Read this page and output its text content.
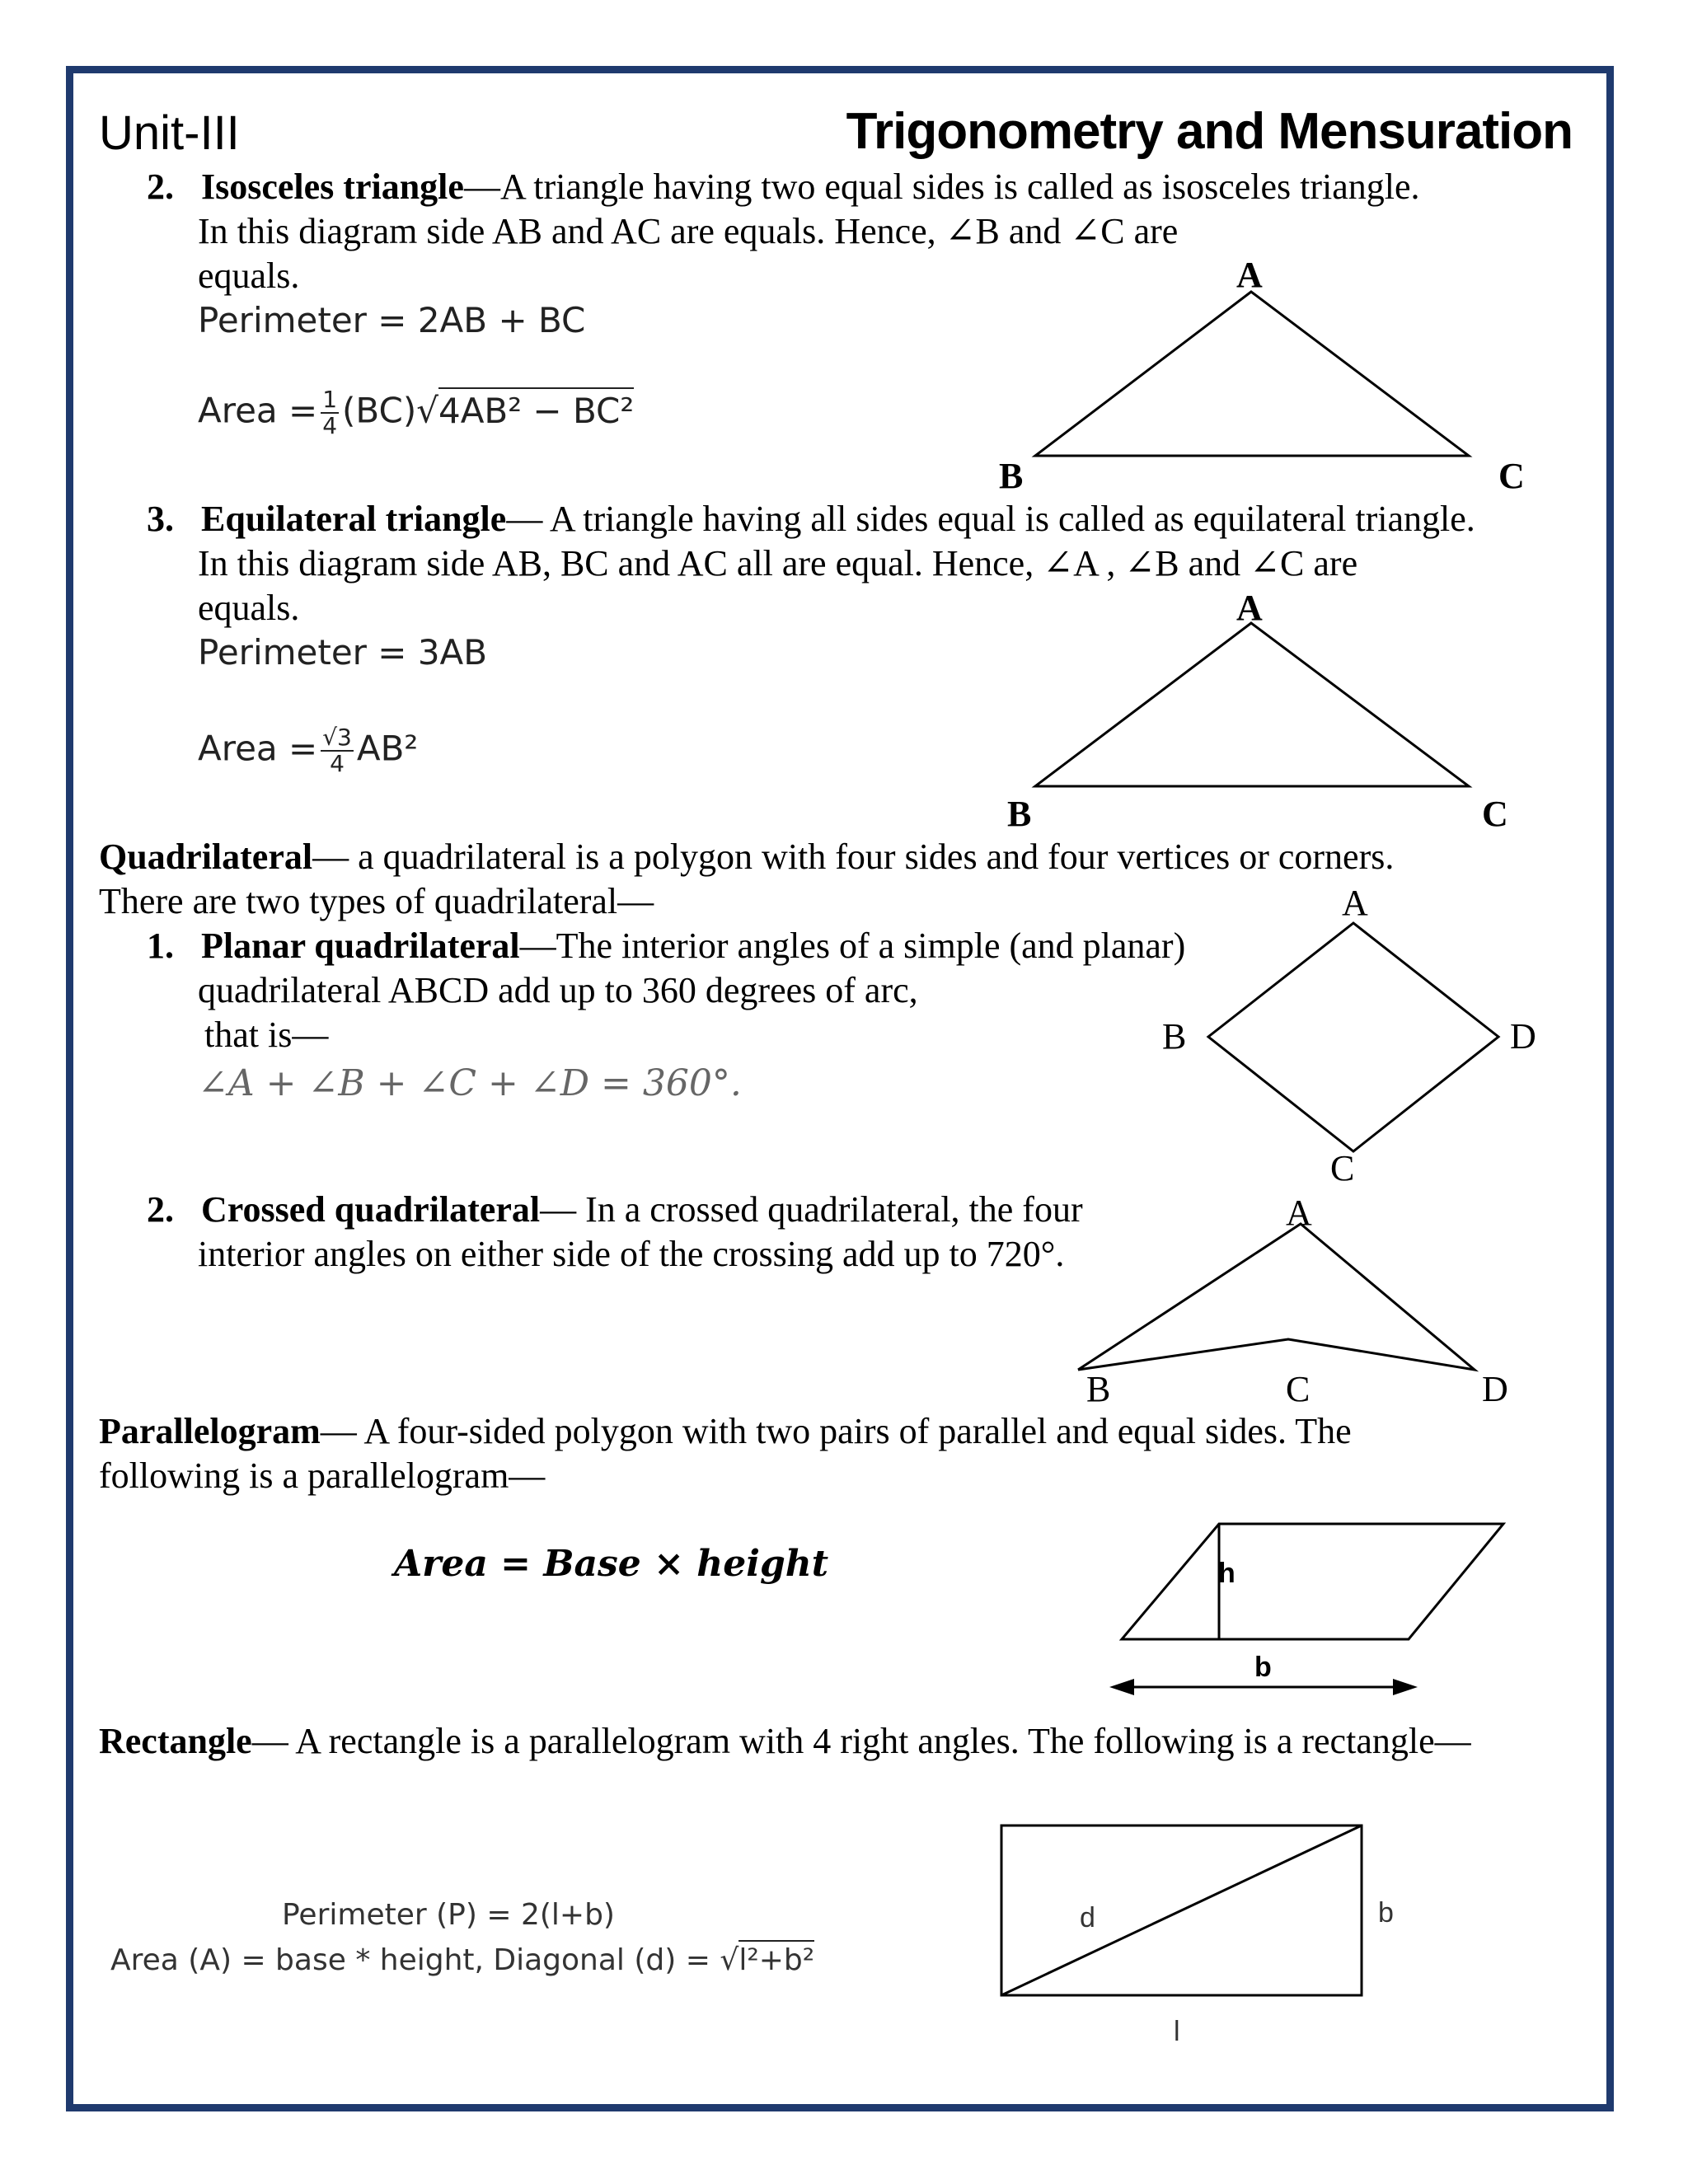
Unit-III	Trigonometry and Mensuration
2. Isosceles triangle—A triangle having two equal sides is called as isosceles triangle.
In this diagram side AB and AC are equals. Hence, ∠B and ∠C are
equals.
Perimeter = 2AB + BC
Area = $\frac{1}{4} (BC)√4AB^2 - BC^2$
A
B	C
3. Equilateral triangle— A triangle having all sides equal is called as equilateral triangle.
In this diagram side AB, BC and AC all are equal. Hence, ∠A , ∠B and ∠C are
equals.
Perimeter = 3AB
Area = $\frac{√3}{4} AB^2$
A
B	C
Quadrilateral— a quadrilateral is a polygon with four sides and four vertices or corners.
There are two types of quadrilateral—
1. Planar quadrilateral—The interior angles of a simple (and planar)
quadrilateral ABCD add up to 360 degrees of arc,
that is—
∠A + ∠B + ∠C + ∠D = 360°.
A
B
C
D
2. Crossed quadrilateral— In a crossed quadrilateral, the four
interior angles on either side of the crossing add up to 720°.
A
B	C	D
Parallelogram— A four-sided polygon with two pairs of parallel and equal sides. The
following is a parallelogram—
Area = Base × height	h
b
Rectangle— A rectangle is a parallelogram with 4 right angles. The following is a rectangle—
Perimeter (P) = 2(l+b)
Area (A) = base * height, Diagonal (d) = √l²+b²
d	b
l
